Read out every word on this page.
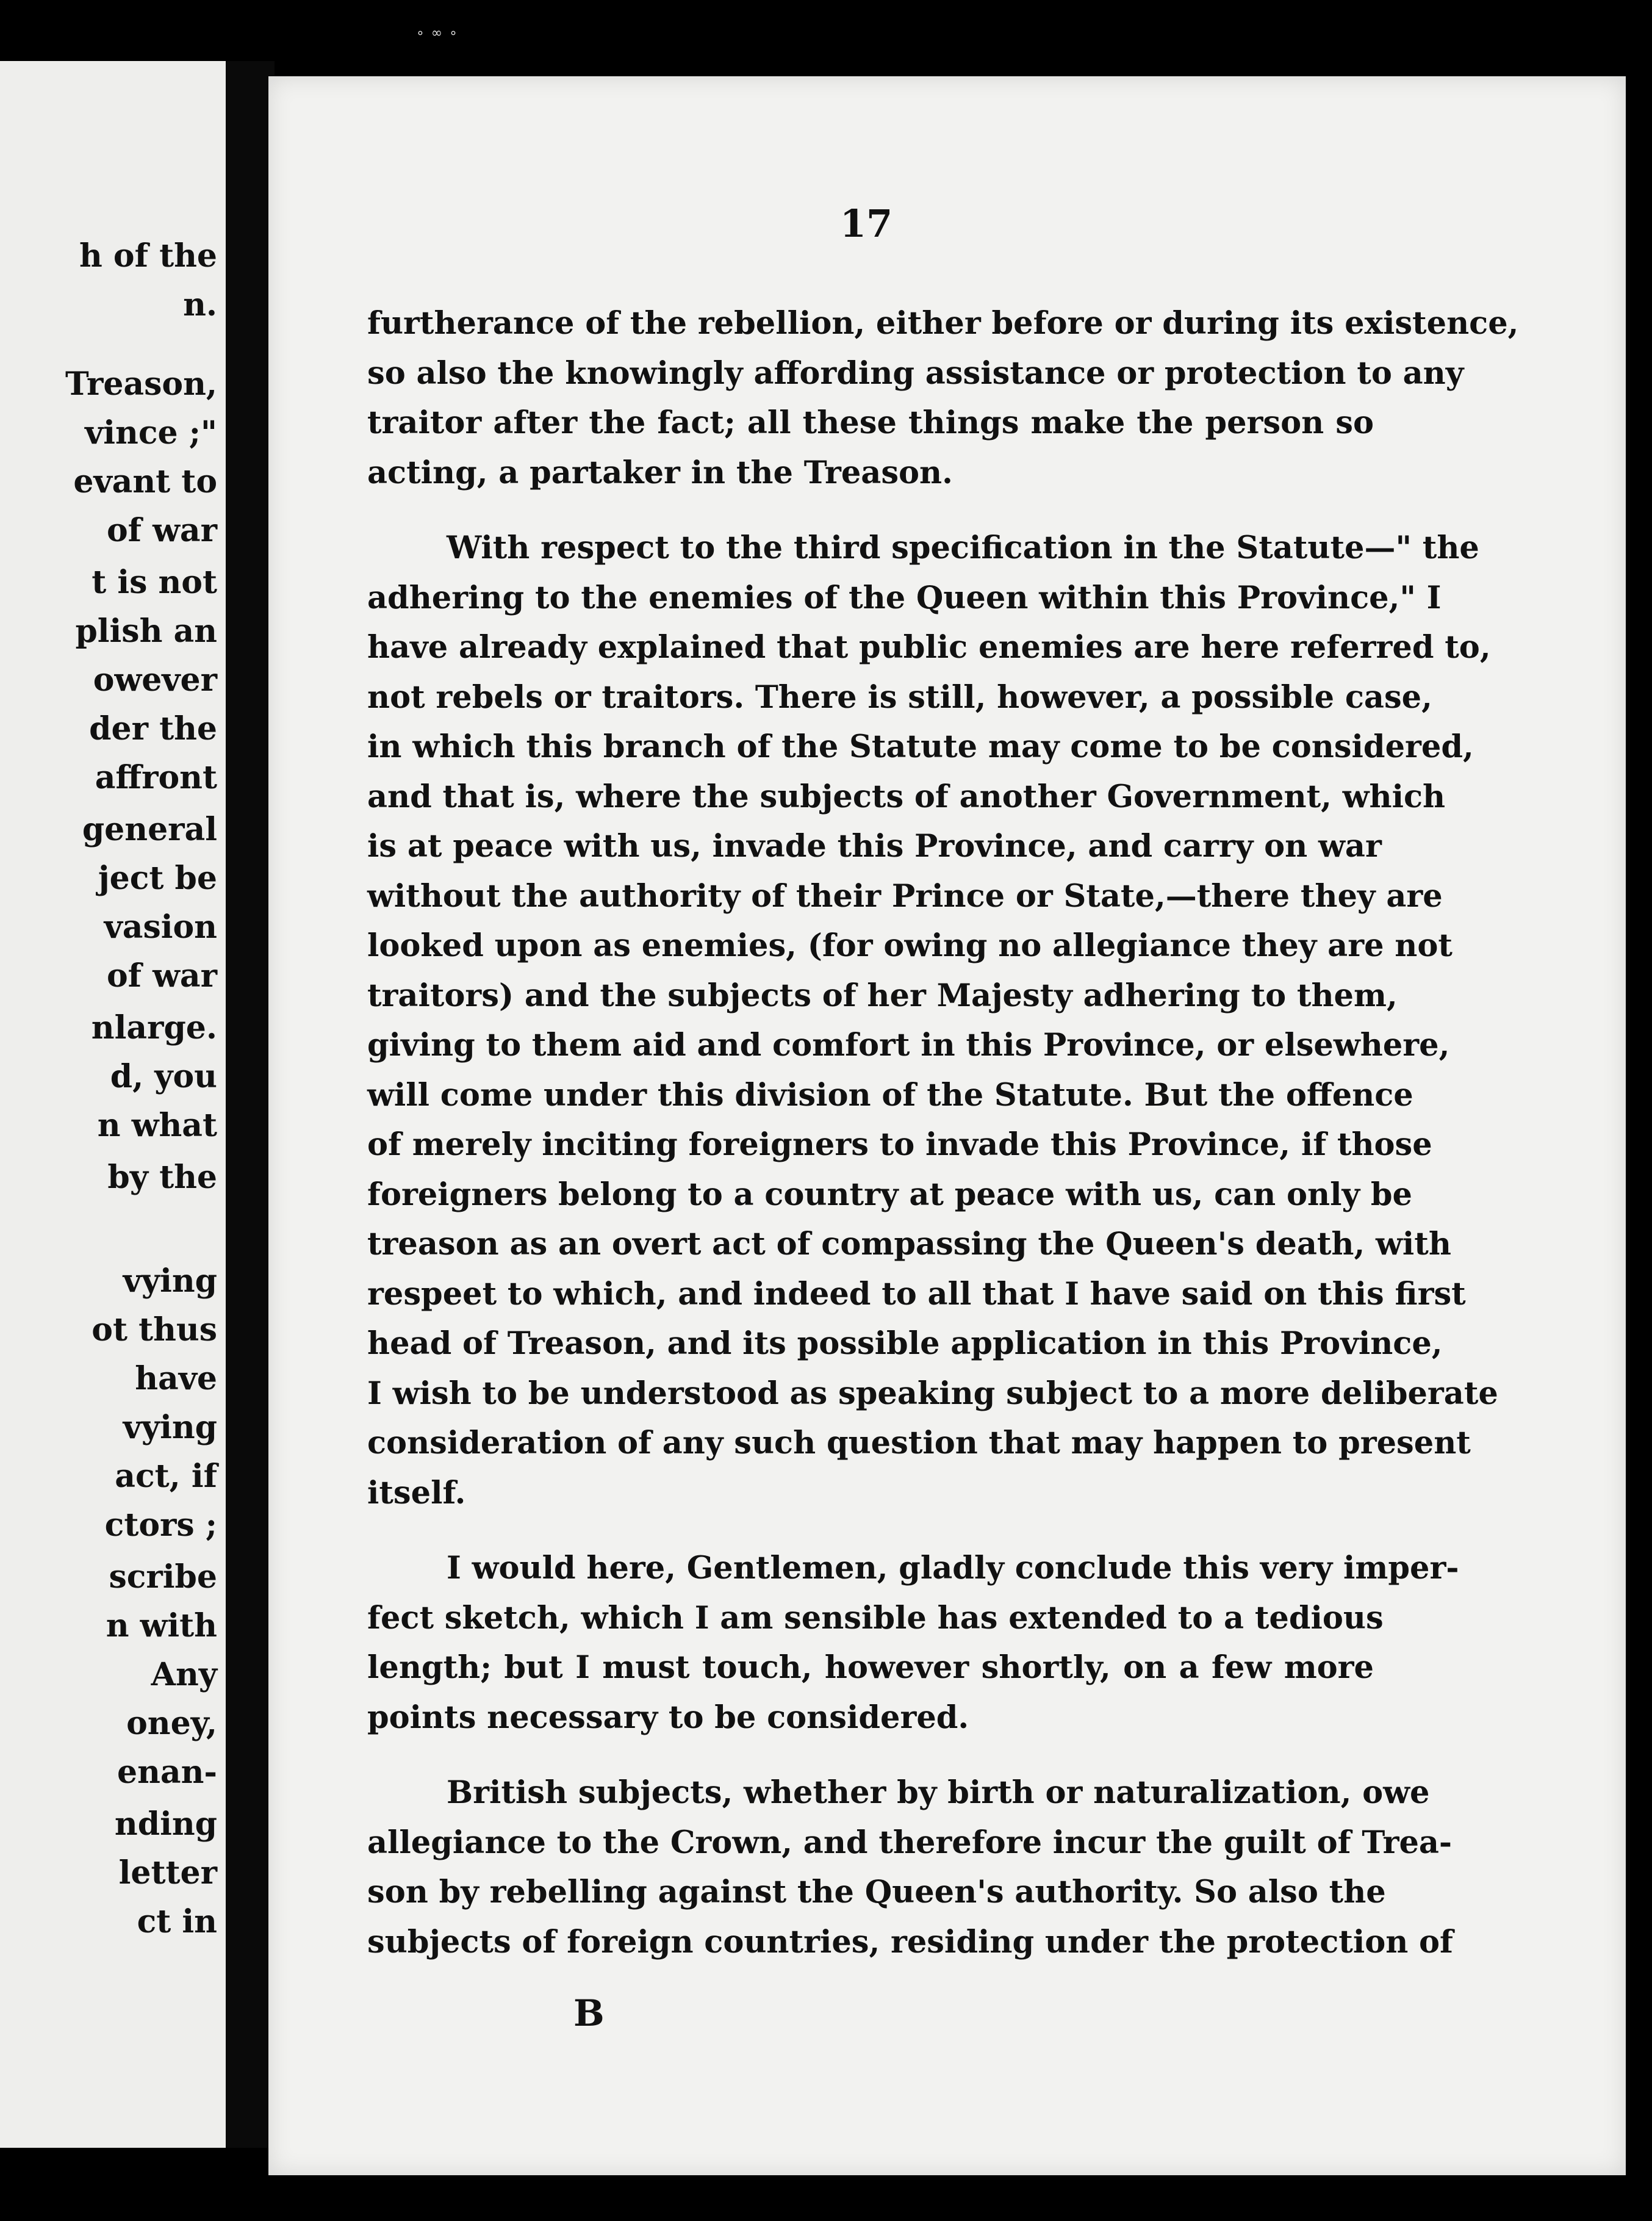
∘ ∞ ∘
h of the
n.
Treason,
vince ;"
evant to
of war
t is not
plish an
owever
der the
affront
general
ject be
vasion
of war
nlarge.
d, you
n what
by the
vying
ot thus
have
vying
act, if
ctors ;
scribe
n with
Any
oney,
enan-
nding
letter
ct in
17
furtherance of the rebellion, either before or during its existence,
so also the knowingly affording assistance or protection to any
traitor after the fact; all these things make the person so
acting, a partaker in the Treason.
With respect to the third specification in the Statute—" the
adhering to the enemies of the Queen within this Province," I
have already explained that public enemies are here referred to,
not rebels or traitors. There is still, however, a possible case,
in which this branch of the Statute may come to be considered,
and that is, where the subjects of another Government, which
is at peace with us, invade this Province, and carry on war
without the authority of their Prince or State,—there they are
looked upon as enemies, (for owing no allegiance they are not
traitors) and the subjects of her Majesty adhering to them,
giving to them aid and comfort in this Province, or elsewhere,
will come under this division of the Statute. But the offence
of merely inciting foreigners to invade this Province, if those
foreigners belong to a country at peace with us, can only be
treason as an overt act of compassing the Queen's death, with
respeet to which, and indeed to all that I have said on this first
head of Treason, and its possible application in this Province,
I wish to be understood as speaking subject to a more deliberate
consideration of any such question that may happen to present
itself.
I would here, Gentlemen, gladly conclude this very imper-
fect sketch, which I am sensible has extended to a tedious
length; but I must touch, however shortly, on a few more
points necessary to be considered.
British subjects, whether by birth or naturalization, owe
allegiance to the Crown, and therefore incur the guilt of Trea-
son by rebelling against the Queen's authority. So also the
subjects of foreign countries, residing under the protection of
B
